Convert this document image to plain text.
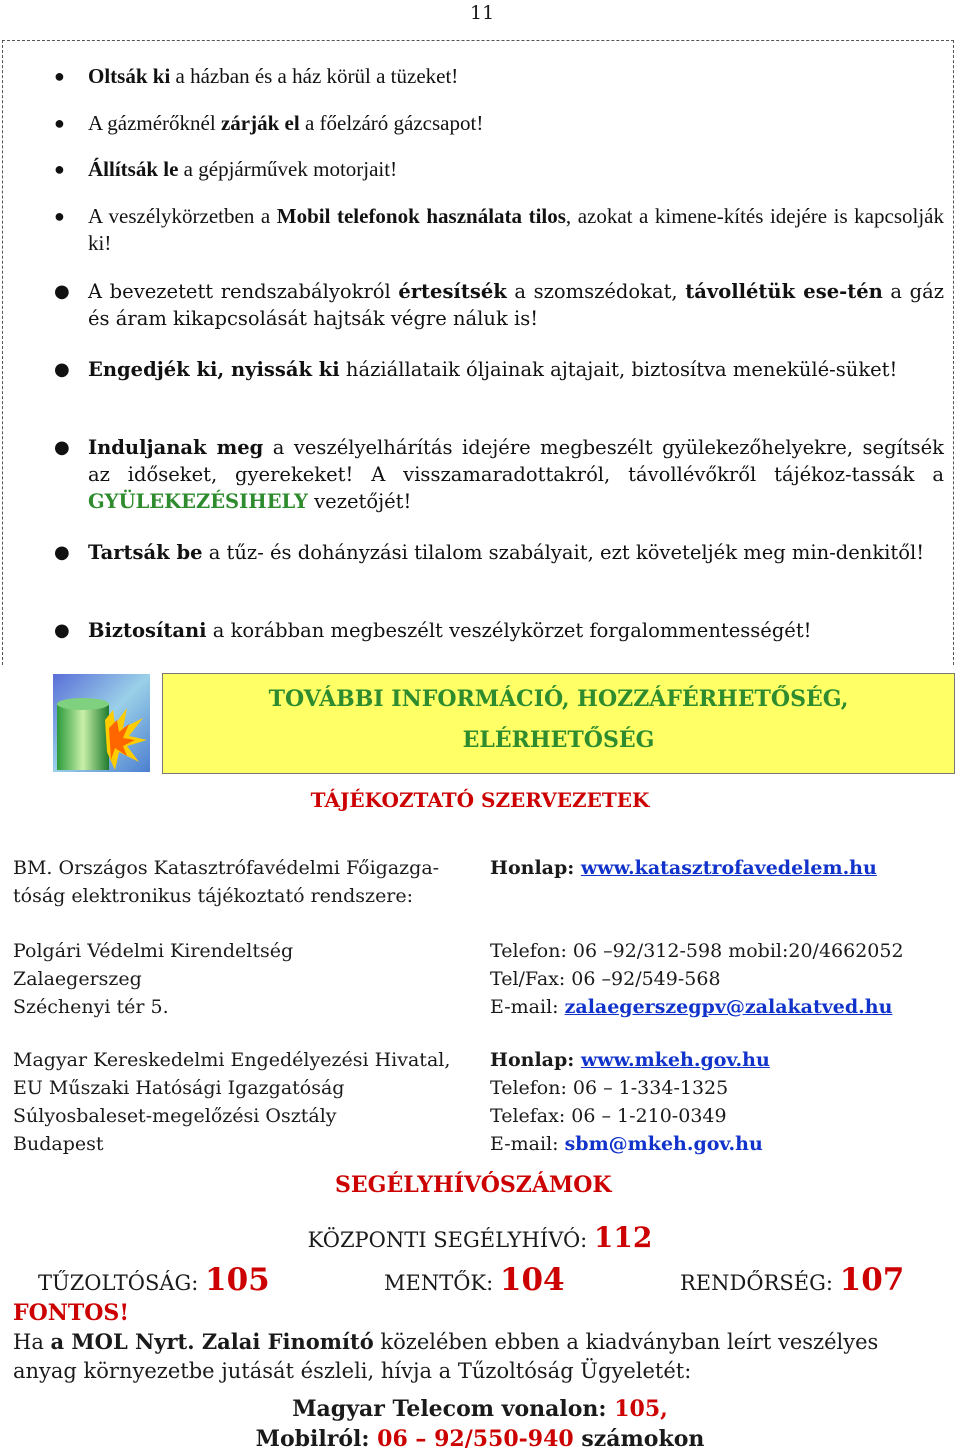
11
● Oltsák ki a házban és a ház körül a tüzeket!
● A gázmérőknél zárják el a főelzáró gázcsapot!
● Állítsák le a gépjárművek motorjait!
● A veszélykörzetben a Mobil telefonok használata tilos, azokat a kimene-kítés idejére is kapcsolják ki!
● A bevezetett rendszabályokról értesítsék a szomszédokat, távollétük ese-tén a gáz és áram kikapcsolását hajtsák végre náluk is!
● Engedjék ki, nyissák ki háziállataik óljainak ajtajait, biztosítva menekülé-süket!
● Induljanak meg a veszélyelhárítás idejére megbeszélt gyülekezőhelyekre, segítsék az időseket, gyerekeket! A visszamaradottakról, távollévőkről tájékoz-tassák a GYÜLEKEZÉSIHELY vezetőjét!
● Tartsák be a tűz- és dohányzási tilalom szabályait, ezt követeljék meg min-denkitől!
● Biztosítani a korábban megbeszélt veszélykörzet forgalommentességét!
TOVÁBBI INFORMÁCIÓ, HOZZÁFÉRHETŐSÉG,
ELÉRHETŐSÉG
TÁJÉKOZTATÓ SZERVEZETEK
BM. Országos Katasztrófavédelmi Főigazga-
tóság elektronikus tájékoztató rendszere:
Honlap: www.katasztrofavedelem.hu
Polgári Védelmi Kirendeltség
Zalaegerszeg
Széchenyi tér 5.
Telefon: 06 –92/312-598 mobil:20/4662052
Tel/Fax: 06 –92/549-568
E-mail: zalaegerszegpv@zalakatved.hu
Magyar Kereskedelmi Engedélyezési Hivatal,
EU Műszaki Hatósági Igazgatóság
Súlyosbaleset-megelőzési Osztály
Budapest
Honlap: www.mkeh.gov.hu
Telefon: 06 – 1-334-1325
Telefax: 06 – 1-210-0349
E-mail: sbm@mkeh.gov.hu
SEGÉLYHÍVÓSZÁMOK
KÖZPONTI SEGÉLYHÍVÓ: 112
TŰZOLTÓSÁG: 105	MENTŐK: 104	RENDŐRSÉG: 107
FONTOS!
Ha a MOL Nyrt. Zalai Finomító közelében ebben a kiadványban leírt veszélyes
anyag környezetbe jutását észleli, hívja a Tűzoltóság Ügyeletét:
Magyar Telecom vonalon: 105,
Mobilról: 06 – 92/550-940 számokon
